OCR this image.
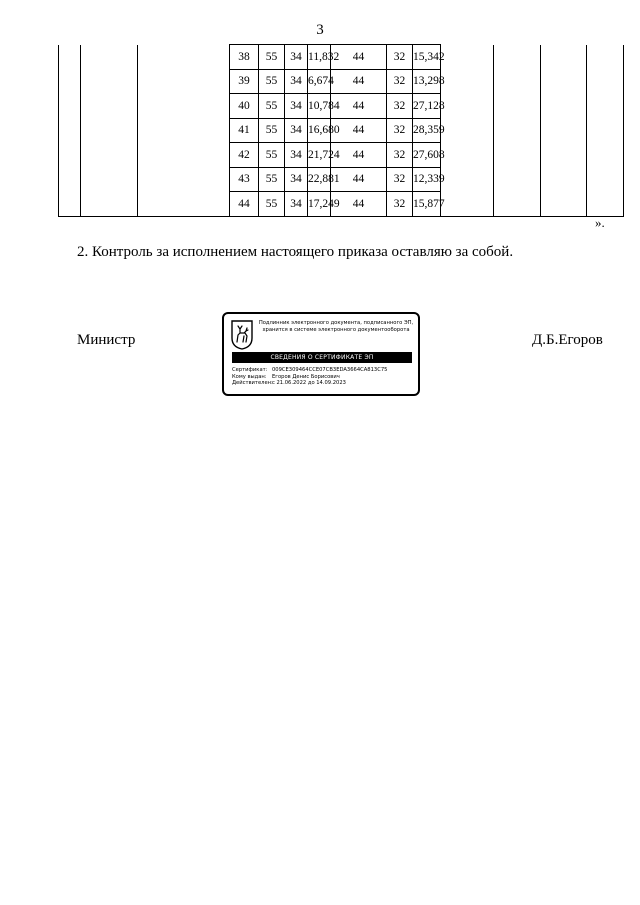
3
			38	55	34	11,832	44	32	15,342				
			39	55	34	6,674	44	32	13,298				
			40	55	34	10,784	44	32	27,128				
			41	55	34	16,680	44	32	28,359				
			42	55	34	21,724	44	32	27,608				
			43	55	34	22,881	44	32	12,339				
			44	55	34	17,249	44	32	15,877				
».
2. Контроль за исполнением настоящего приказа оставляю за собой.
Министр
Подлинник электронного документа, подписанного ЭП,
хранится в системе электронного документооборота
СВЕДЕНИЯ О СЕРТИФИКАТЕ ЭП
Сертификат: 009CE309464CCE07CB3EDA3664CA813C75
Кому выдан: Егоров Денис Борисович
Действителен:с 21.06.2022 до 14.09.2023
Д.Б.Егоров
